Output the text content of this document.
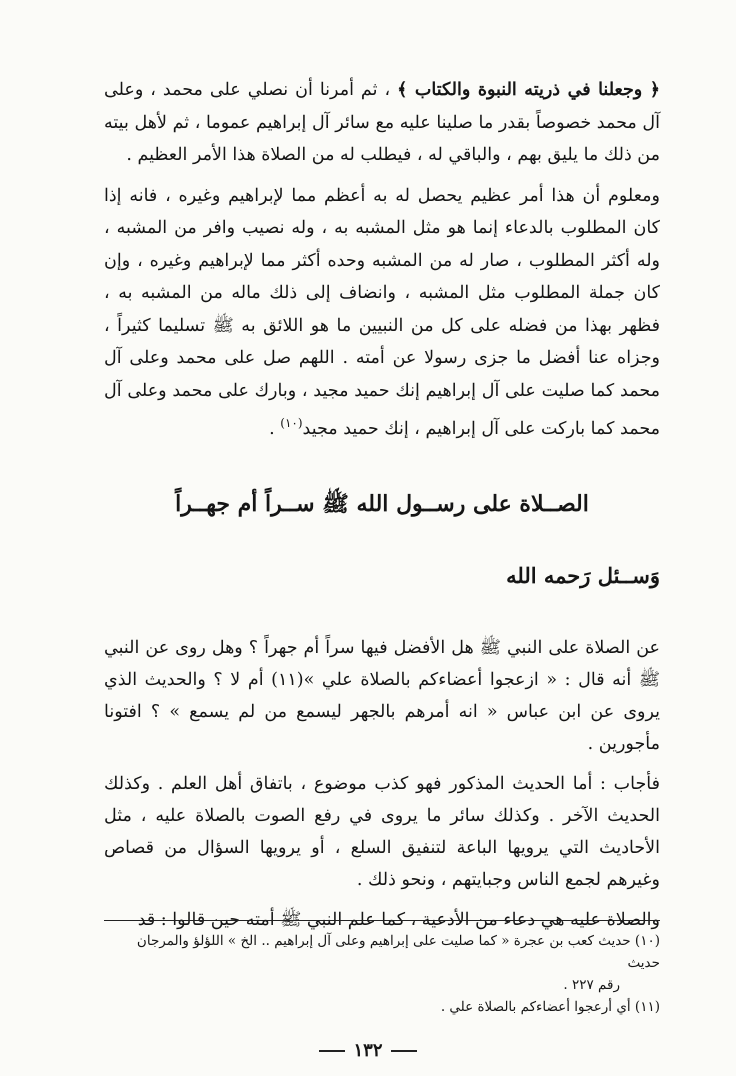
﴿ وجعلنا في ذريته النبوة والكتاب ﴾ ، ثم أمرنا أن نصلي على محمد ، وعلى آل محمد خصوصاً بقدر ما صلينا عليه مع سائر آل إبراهيم عموما ، ثم لأهل بيته من ذلك ما يليق بهم ، والباقي له ، فيطلب له من الصلاة هذا الأمر العظيم .

ومعلوم أن هذا أمر عظيم يحصل له به أعظم مما لإبراهيم وغيره ، فانه إذا كان المطلوب بالدعاء إنما هو مثل المشبه به ، وله نصيب وافر من المشبه ، وله أكثر المطلوب ، صار له من المشبه وحده أكثر مما لإبراهيم وغيره ، وإن كان جملة المطلوب مثل المشبه ، وانضاف إلى ذلك ماله من المشبه به ، فظهر بهذا من فضله على كل من النبيين ما هو اللائق به ﷺ تسليما كثيراً ، وجزاه عنا أفضل ما جزى رسولا عن أمته . اللهم صل على محمد وعلى آل محمد كما صليت على آل إبراهيم إنك حميد مجيد ، وبارك على محمد وعلى آل محمد كما باركت على آل إبراهيم ، إنك حميد مجيد$^{(١٠)}$ .

الصــلاة على رســول الله ﷺ ســراً أم جهــراً
وَســئل رَحمه الله

عن الصلاة على النبي ﷺ هل الأفضل فيها سراً أم جهراً ؟ وهل روى عن النبي ﷺ أنه قال : « ازعجوا أعضاءكم بالصلاة علي »(١١) أم لا ؟ والحديث الذي يروى عن ابن عباس « انه أمرهم بالجهر ليسمع من لم يسمع » ؟ افتونا مأجورين .

فأجاب : أما الحديث المذكور فهو كذب موضوع ، باتفاق أهل العلم . وكذلك الحديث الآخر . وكذلك سائر ما يروى في رفع الصوت بالصلاة عليه ، مثل الأحاديث التي يرويها الباعة لتنفيق السلع ، أو يرويها السؤال من قصاص وغيرهم لجمع الناس وجبايتهم ، ونحو ذلك .

والصلاة عليه هي دعاء من الأدعية ، كما علم النبي ﷺ أمته حين قالوا : قد

(١٠) حديث كعب بن عجرة « كما صليت على إبراهيم وعلى آل إبراهيم .. الخ » اللؤلؤ والمرجان حديث

رقم ٢٢٧ .

(١١) أي أرعجوا أعضاءكم بالصلاة علي .

١٣٢
